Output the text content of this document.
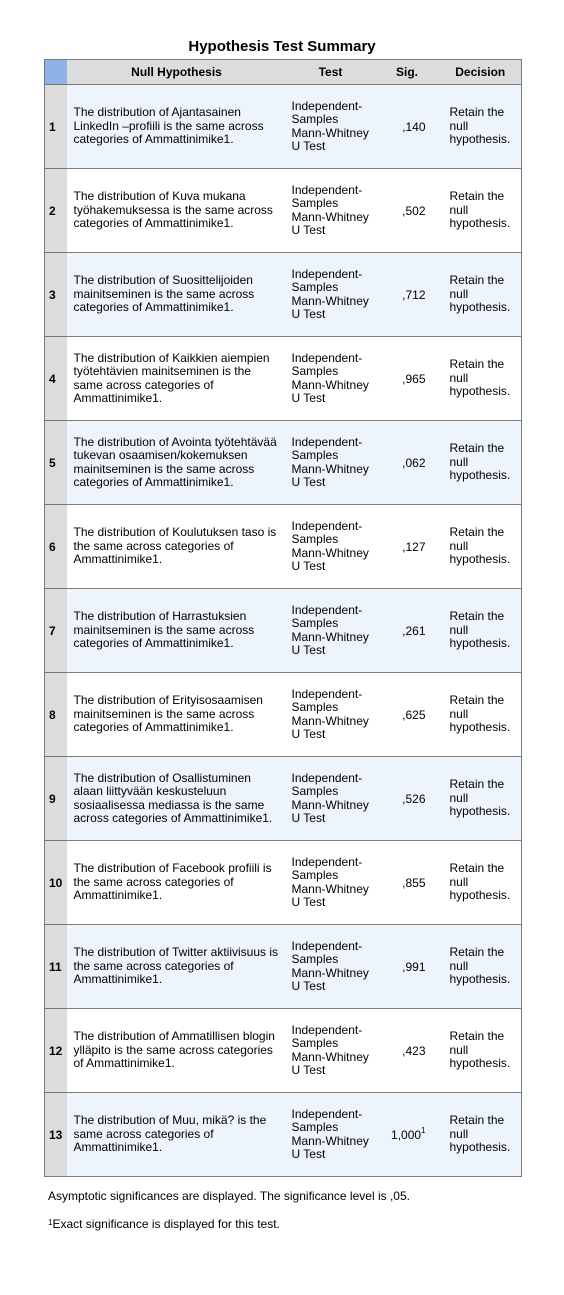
Hypothesis Test Summary
	Null Hypothesis	Test	Sig.	Decision
1	The distribution of Ajantasainen LinkedIn –profiili is the same across categories of Ammattinimike1.	Independent-Samples Mann-Whitney U Test	,140	Retain the null hypothesis.
2	The distribution of Kuva mukana työhakemuksessa is the same across categories of Ammattinimike1.	Independent-Samples Mann-Whitney U Test	,502	Retain the null hypothesis.
3	The distribution of Suosittelijoiden mainitseminen is the same across categories of Ammattinimike1.	Independent-Samples Mann-Whitney U Test	,712	Retain the null hypothesis.
4	The distribution of Kaikkien aiempien työtehtävien mainitseminen is the same across categories of Ammattinimike1.	Independent-Samples Mann-Whitney U Test	,965	Retain the null hypothesis.
5	The distribution of Avointa työtehtävää tukevan osaamisen/kokemuksen mainitseminen is the same across categories of Ammattinimike1.	Independent-Samples Mann-Whitney U Test	,062	Retain the null hypothesis.
6	The distribution of Koulutuksen taso is the same across categories of Ammattinimike1.	Independent-Samples Mann-Whitney U Test	,127	Retain the null hypothesis.
7	The distribution of Harrastuksien mainitseminen is the same across categories of Ammattinimike1.	Independent-Samples Mann-Whitney U Test	,261	Retain the null hypothesis.
8	The distribution of Erityisosaamisen mainitseminen is the same across categories of Ammattinimike1.	Independent-Samples Mann-Whitney U Test	,625	Retain the null hypothesis.
9	The distribution of Osallistuminen alaan liittyvään keskusteluun sosiaalisessa mediassa is the same across categories of Ammattinimike1.	Independent-Samples Mann-Whitney U Test	,526	Retain the null hypothesis.
10	The distribution of Facebook profiili is the same across categories of Ammattinimike1.	Independent-Samples Mann-Whitney U Test	,855	Retain the null hypothesis.
11	The distribution of Twitter aktiivisuus is the same across categories of Ammattinimike1.	Independent-Samples Mann-Whitney U Test	,991	Retain the null hypothesis.
12	The distribution of Ammatillisen blogin ylläpito is the same across categories of Ammattinimike1.	Independent-Samples Mann-Whitney U Test	,423	Retain the null hypothesis.
13	The distribution of Muu, mikä? is the same across categories of Ammattinimike1.	Independent-Samples Mann-Whitney U Test	1,000$^1$	Retain the null hypothesis.
Asymptotic significances are displayed. The significance level is ,05.
$^1$Exact significance is displayed for this test.
